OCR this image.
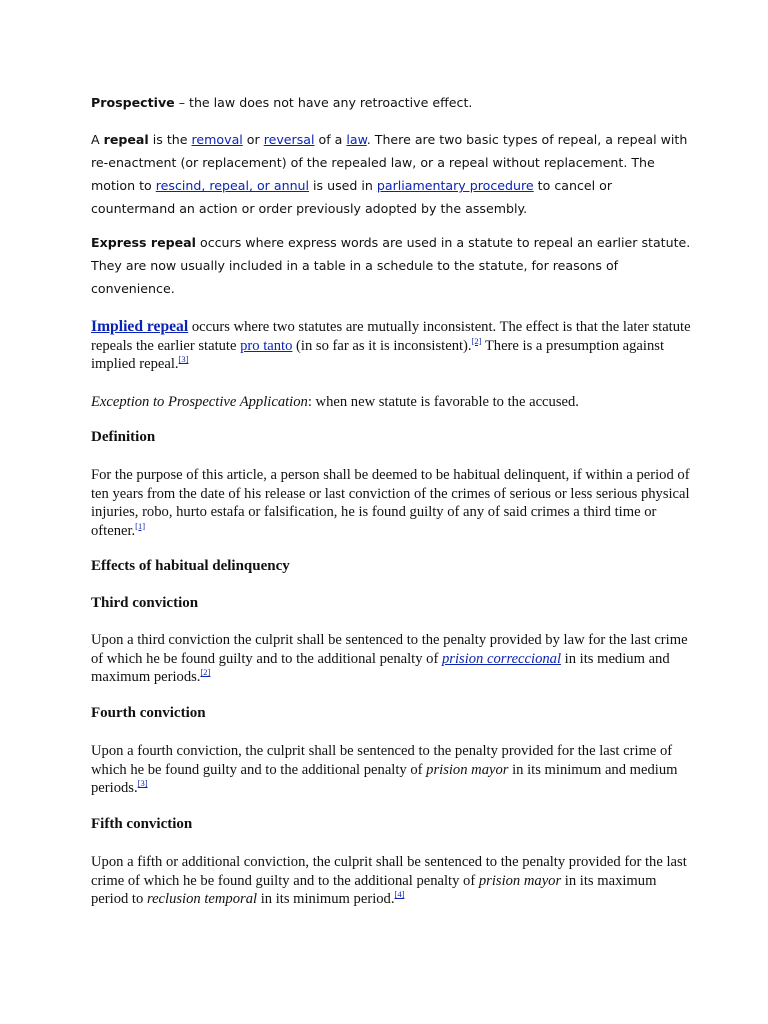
Prospective – the law does not have any retroactive effect.

A repeal is the removal or reversal of a law. There are two basic types of repeal, a repeal with re-enactment (or replacement) of the repealed law, or a repeal without replacement. The motion to rescind, repeal, or annul is used in parliamentary procedure to cancel or countermand an action or order previously adopted by the assembly.

Express repeal occurs where express words are used in a statute to repeal an earlier statute. They are now usually included in a table in a schedule to the statute, for reasons of convenience.

Implied repeal occurs where two statutes are mutually inconsistent. The effect is that the later statute repeals the earlier statute pro tanto (in so far as it is inconsistent).[2] There is a presumption against implied repeal.[3]

Exception to Prospective Application: when new statute is favorable to the accused.

Definition

For the purpose of this article, a person shall be deemed to be habitual delinquent, if within a period of ten years from the date of his release or last conviction of the crimes of serious or less serious physical injuries, robo, hurto estafa or falsification, he is found guilty of any of said crimes a third time or oftener.[1]

Effects of habitual delinquency
Third conviction

Upon a third conviction the culprit shall be sentenced to the penalty provided by law for the last crime of which he be found guilty and to the additional penalty of prision correccional in its medium and maximum periods.[2]

Fourth conviction

Upon a fourth conviction, the culprit shall be sentenced to the penalty provided for the last crime of which he be found guilty and to the additional penalty of prision mayor in its minimum and medium periods.[3]

Fifth conviction

Upon a fifth or additional conviction, the culprit shall be sentenced to the penalty provided for the last crime of which he be found guilty and to the additional penalty of prision mayor in its maximum period to reclusion temporal in its minimum period.[4]
